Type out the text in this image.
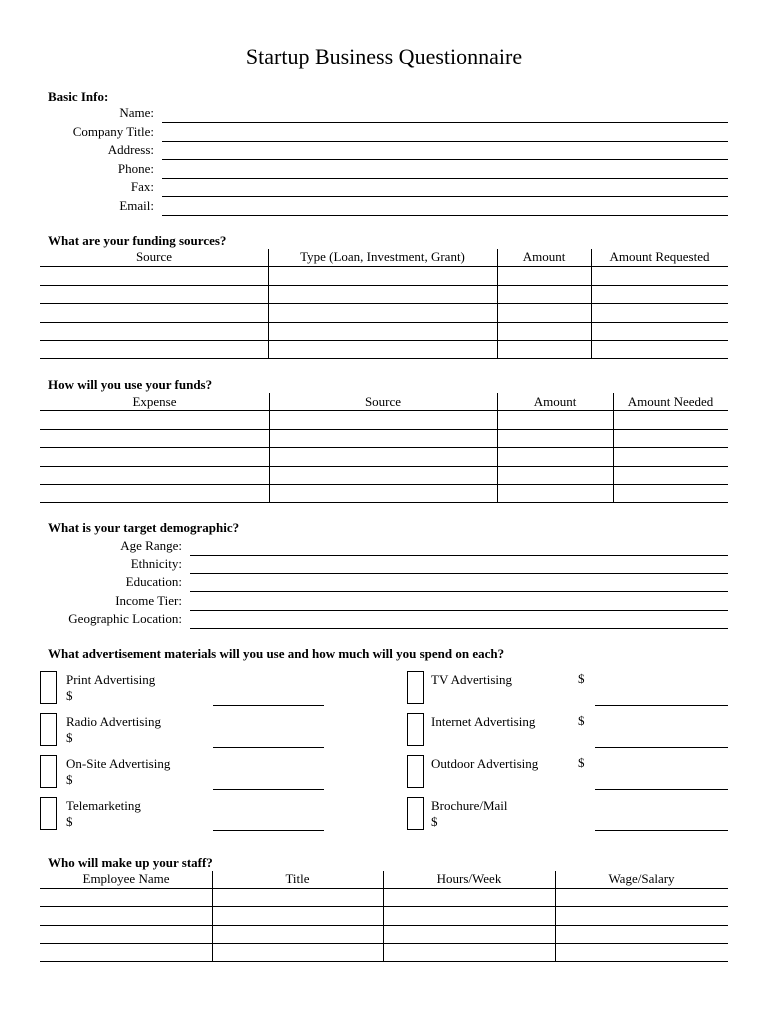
Startup Business Questionnaire
Basic Info:
Name:
Company Title:
Address:
Phone:
Fax:
Email:
What are your funding sources?
Source	Type (Loan, Investment, Grant)	Amount	Amount Requested
How will you use your funds?
Expense	Source	Amount	Amount Needed
What is your target demographic?
Age Range:
Ethnicity:
Education:
Income Tier:
Geographic Location:
What advertisement materials will you use and how much will you spend on each?
Print Advertising
$
Radio Advertising
$
On-Site Advertising
$
Telemarketing
$
TV Advertising	$
Internet Advertising	$
Outdoor Advertising	$
Brochure/Mail
$
Who will make up your staff?
Employee Name	Title	Hours/Week	Wage/Salary
